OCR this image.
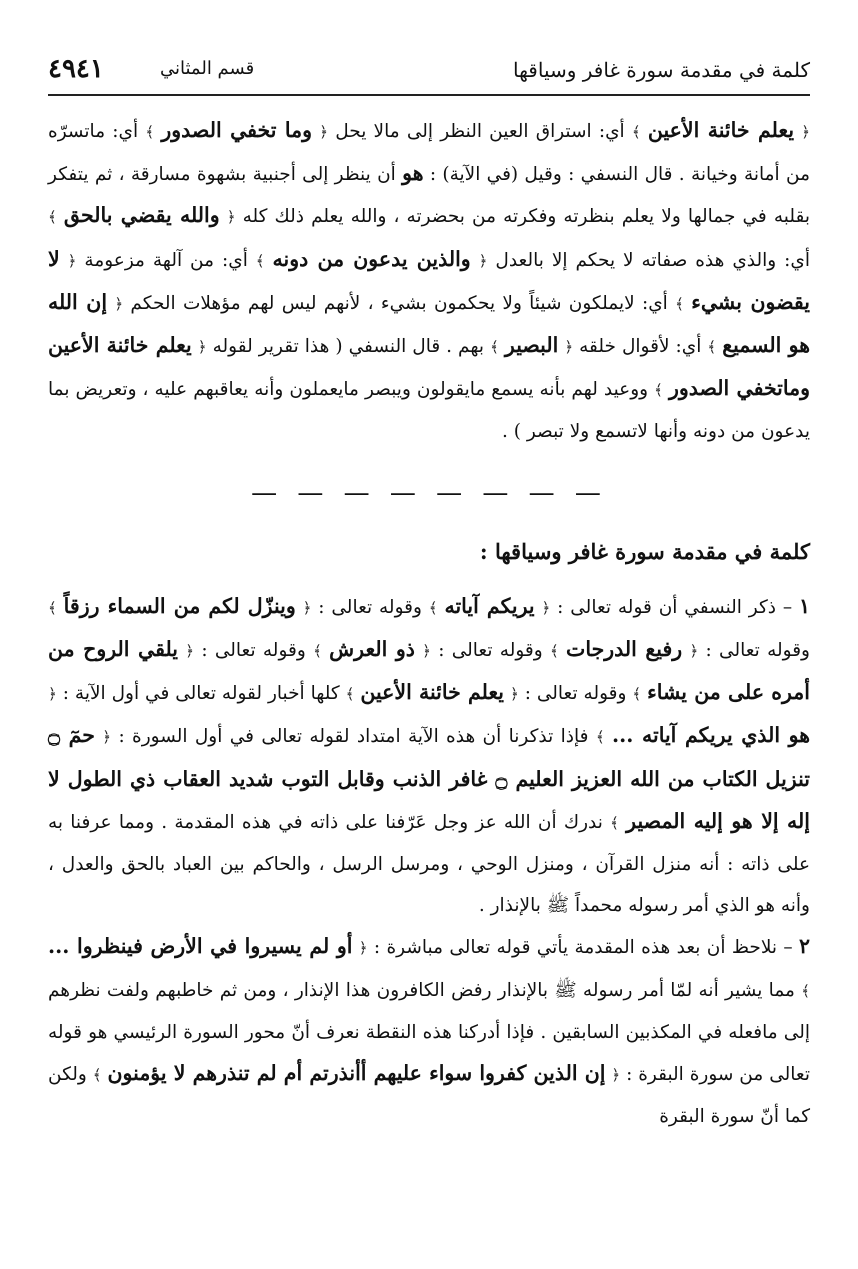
كلمة في مقدمة سورة غافر وسياقها
قسم المثاني
٤٩٤١

﴿ يعلم خائنة الأعين ﴾ أي: استراق العين النظر إلى مالا يحل ﴿ وما تخفي الصدور ﴾ أي: ماتسرّه من أمانة وخيانة . قال النسفي : وقيل (في الآية) : هو أن ينظر إلى أجنبية بشهوة مسارقة ، ثم يتفكر بقلبه في جمالها ولا يعلم بنظرته وفكرته من بحضرته ، والله يعلم ذلك كله ﴿ والله يقضي بالحق ﴾ أي: والذي هذه صفاته لا يحكم إلا بالعدل ﴿ والذين يدعون من دونه ﴾ أي: من آلهة مزعومة ﴿ لا يقضون بشيء ﴾ أي: لايملكون شيئاً ولا يحكمون بشيء ، لأنهم ليس لهم مؤهلات الحكم ﴿ إن الله هو السميع ﴾ أي: لأقوال خلقه ﴿ البصير ﴾ بهم . قال النسفي ( هذا تقرير لقوله ﴿ يعلم خائنة الأعين وماتخفي الصدور ﴾ ووعيد لهم بأنه يسمع مايقولون ويبصر مايعملون وأنه يعاقبهم عليه ، وتعريض بما يدعون من دونه وأنها لاتسمع ولا تبصر ) .

— — — — — — — —
كلمة في مقدمة سورة غافر وسياقها :

١ – ذكر النسفي أن قوله تعالى : ﴿ يريكم آياته ﴾ وقوله تعالى : ﴿ وينزّل لكم من السماء رزقاً ﴾ وقوله تعالى : ﴿ رفيع الدرجات ﴾ وقوله تعالى : ﴿ ذو العرش ﴾ وقوله تعالى : ﴿ يلقي الروح من أمره على من يشاء ﴾ وقوله تعالى : ﴿ يعلم خائنة الأعين ﴾ كلها أخبار لقوله تعالى في أول الآية : ﴿ هو الذي يريكم آياته ... ﴾ فإذا تذكرنا أن هذه الآية امتداد لقوله تعالى في أول السورة : ﴿ حمٓ ۝ تنزيل الكتاب من الله العزيز العليم ۝ غافر الذنب وقابل التوب شديد العقاب ذي الطول لا إله إلا هو إليه المصير ﴾ ندرك أن الله عز وجل عَرّفنا على ذاته في هذه المقدمة . ومما عرفنا به على ذاته : أنه منزل القرآن ، ومنزل الوحي ، ومرسل الرسل ، والحاكم بين العباد بالحق والعدل ، وأنه هو الذي أمر رسوله محمداً ﷺ بالإنذار .

٢ – نلاحظ أن بعد هذه المقدمة يأتي قوله تعالى مباشرة : ﴿ أو لم يسيروا في الأرض فينظروا ... ﴾ مما يشير أنه لمّا أمر رسوله ﷺ بالإنذار رفض الكافرون هذا الإنذار ، ومن ثم خاطبهم ولفت نظرهم إلى مافعله في المكذبين السابقين . فإذا أدركنا هذه النقطة نعرف أنّ محور السورة الرئيسي هو قوله تعالى من سورة البقرة : ﴿ إن الذين كفروا سواء عليهم أأنذرتم أم لم تنذرهم لا يؤمنون ﴾ ولكن كما أنّ سورة البقرة
